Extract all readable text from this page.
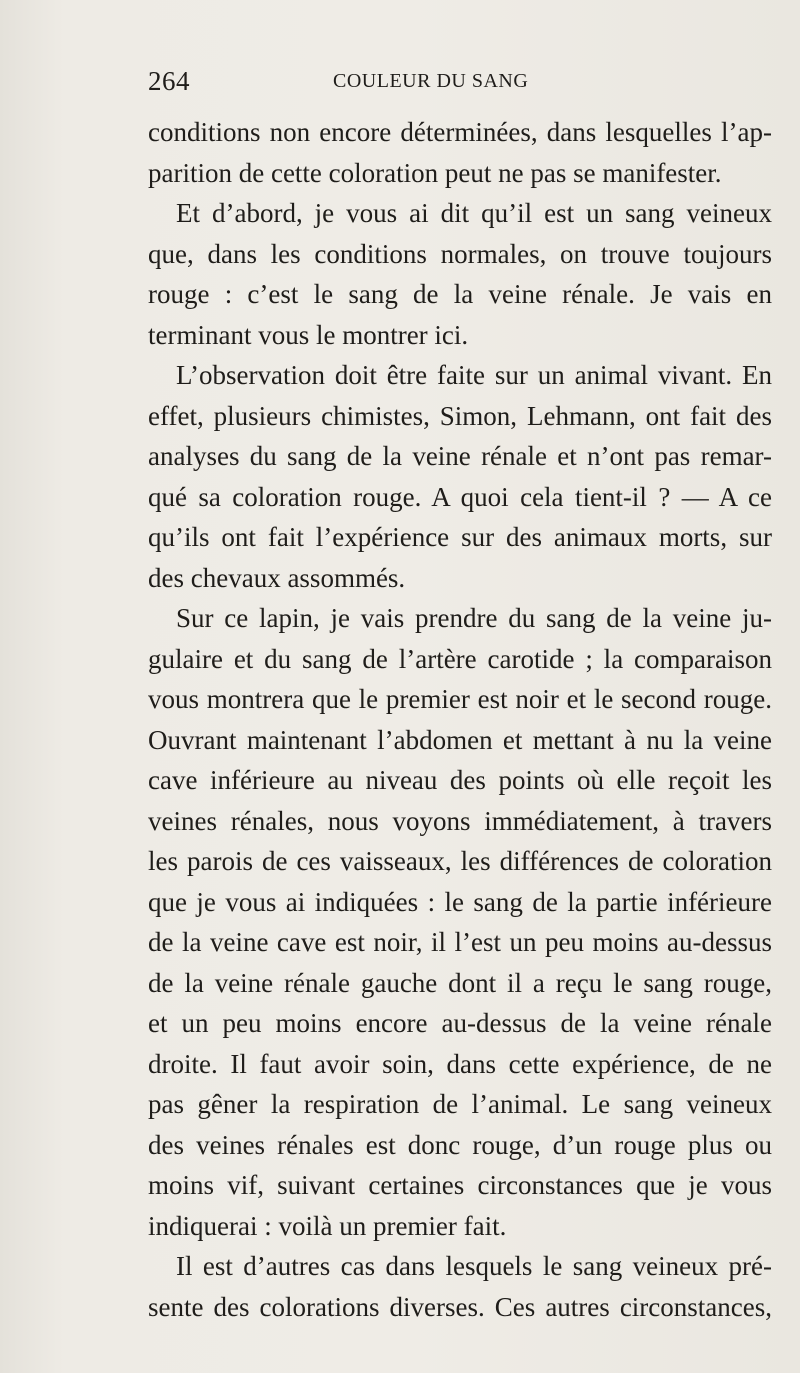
264	COULEUR DU SANG
conditions non encore déterminées, dans lesquelles l’ap-
parition de cette coloration peut ne pas se manifester.
Et d’abord, je vous ai dit qu’il est un sang veineux
que, dans les conditions normales, on trouve toujours
rouge : c’est le sang de la veine rénale. Je vais en
terminant vous le montrer ici.
L’observation doit être faite sur un animal vivant. En
effet, plusieurs chimistes, Simon, Lehmann, ont fait des
analyses du sang de la veine rénale et n’ont pas remar-
qué sa coloration rouge. A quoi cela tient-il ? — A ce
qu’ils ont fait l’expérience sur des animaux morts, sur
des chevaux assommés.
Sur ce lapin, je vais prendre du sang de la veine ju-
gulaire et du sang de l’artère carotide ; la comparaison
vous montrera que le premier est noir et le second rouge.
Ouvrant maintenant l’abdomen et mettant à nu la veine
cave inférieure au niveau des points où elle reçoit les
veines rénales, nous voyons immédiatement, à travers
les parois de ces vaisseaux, les différences de coloration
que je vous ai indiquées : le sang de la partie inférieure
de la veine cave est noir, il l’est un peu moins au-dessus
de la veine rénale gauche dont il a reçu le sang rouge,
et un peu moins encore au-dessus de la veine rénale
droite. Il faut avoir soin, dans cette expérience, de ne
pas gêner la respiration de l’animal. Le sang veineux
des veines rénales est donc rouge, d’un rouge plus ou
moins vif, suivant certaines circonstances que je vous
indiquerai : voilà un premier fait.
Il est d’autres cas dans lesquels le sang veineux pré-
sente des colorations diverses. Ces autres circonstances,
